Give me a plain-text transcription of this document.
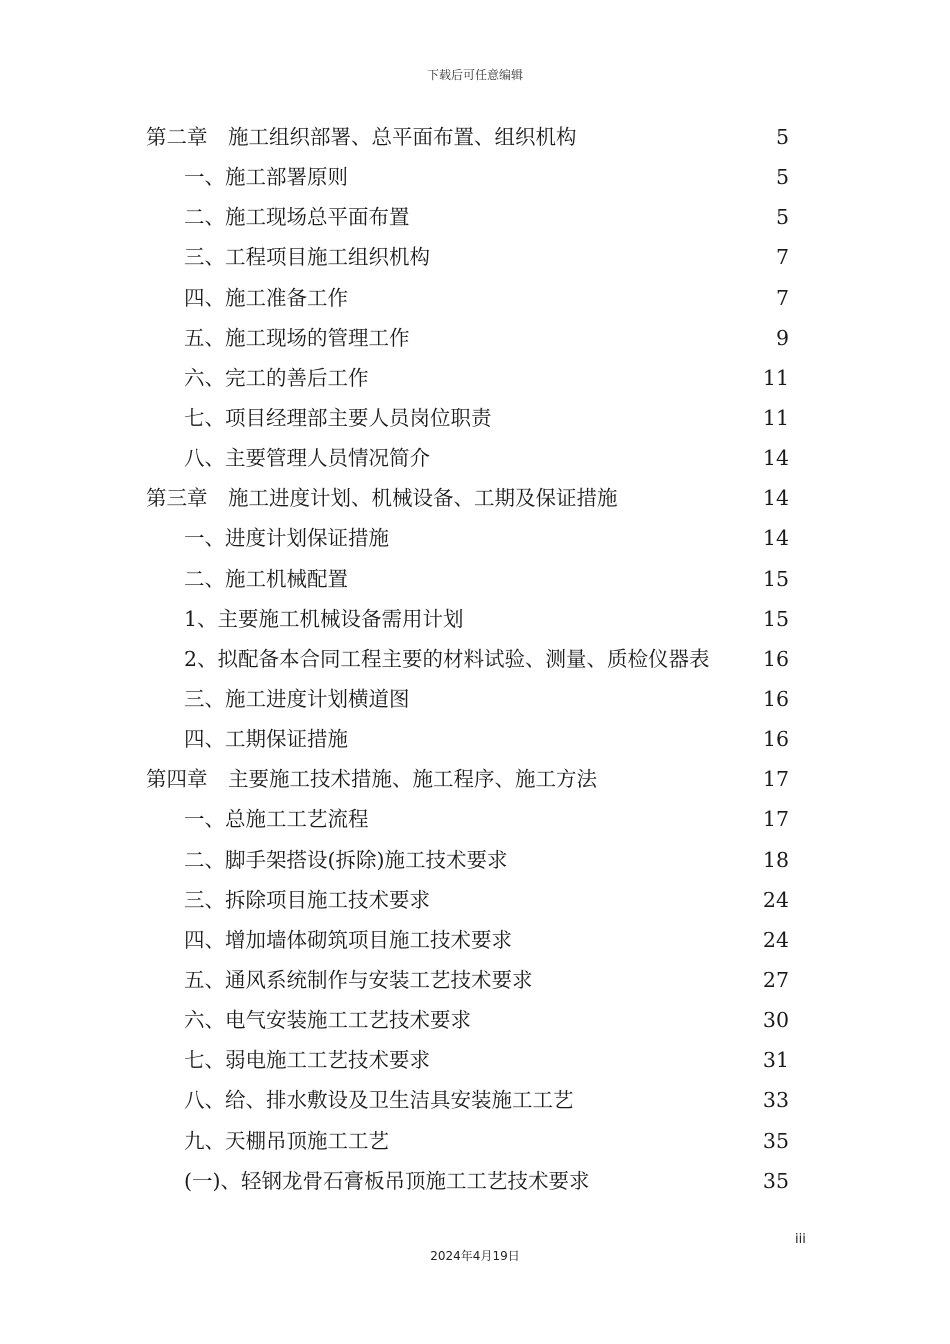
下载后可任意编辑
第二章　施工组织部署、总平面布置、组织机构	5
一、施工部署原则	5
二、施工现场总平面布置	5
三、工程项目施工组织机构	7
四、施工准备工作	7
五、施工现场的管理工作	9
六、完工的善后工作	11
七、项目经理部主要人员岗位职责	11
八、主要管理人员情况简介	14
第三章　施工进度计划、机械设备、工期及保证措施	14
一、进度计划保证措施	14
二、施工机械配置	15
1、主要施工机械设备需用计划	15
2、拟配备本合同工程主要的材料试验、测量、质检仪器表	16
三、施工进度计划横道图	16
四、工期保证措施	16
第四章　主要施工技术措施、施工程序、施工方法	17
一、总施工工艺流程	17
二、脚手架搭设(拆除)施工技术要求	18
三、拆除项目施工技术要求	24
四、增加墙体砌筑项目施工技术要求	24
五、通风系统制作与安装工艺技术要求	27
六、电气安装施工工艺技术要求	30
七、弱电施工工艺技术要求	31
八、给、排水敷设及卫生洁具安装施工工艺	33
九、天棚吊顶施工工艺	35
(一)、轻钢龙骨石膏板吊顶施工工艺技术要求	35
iii
2024年4月19日
